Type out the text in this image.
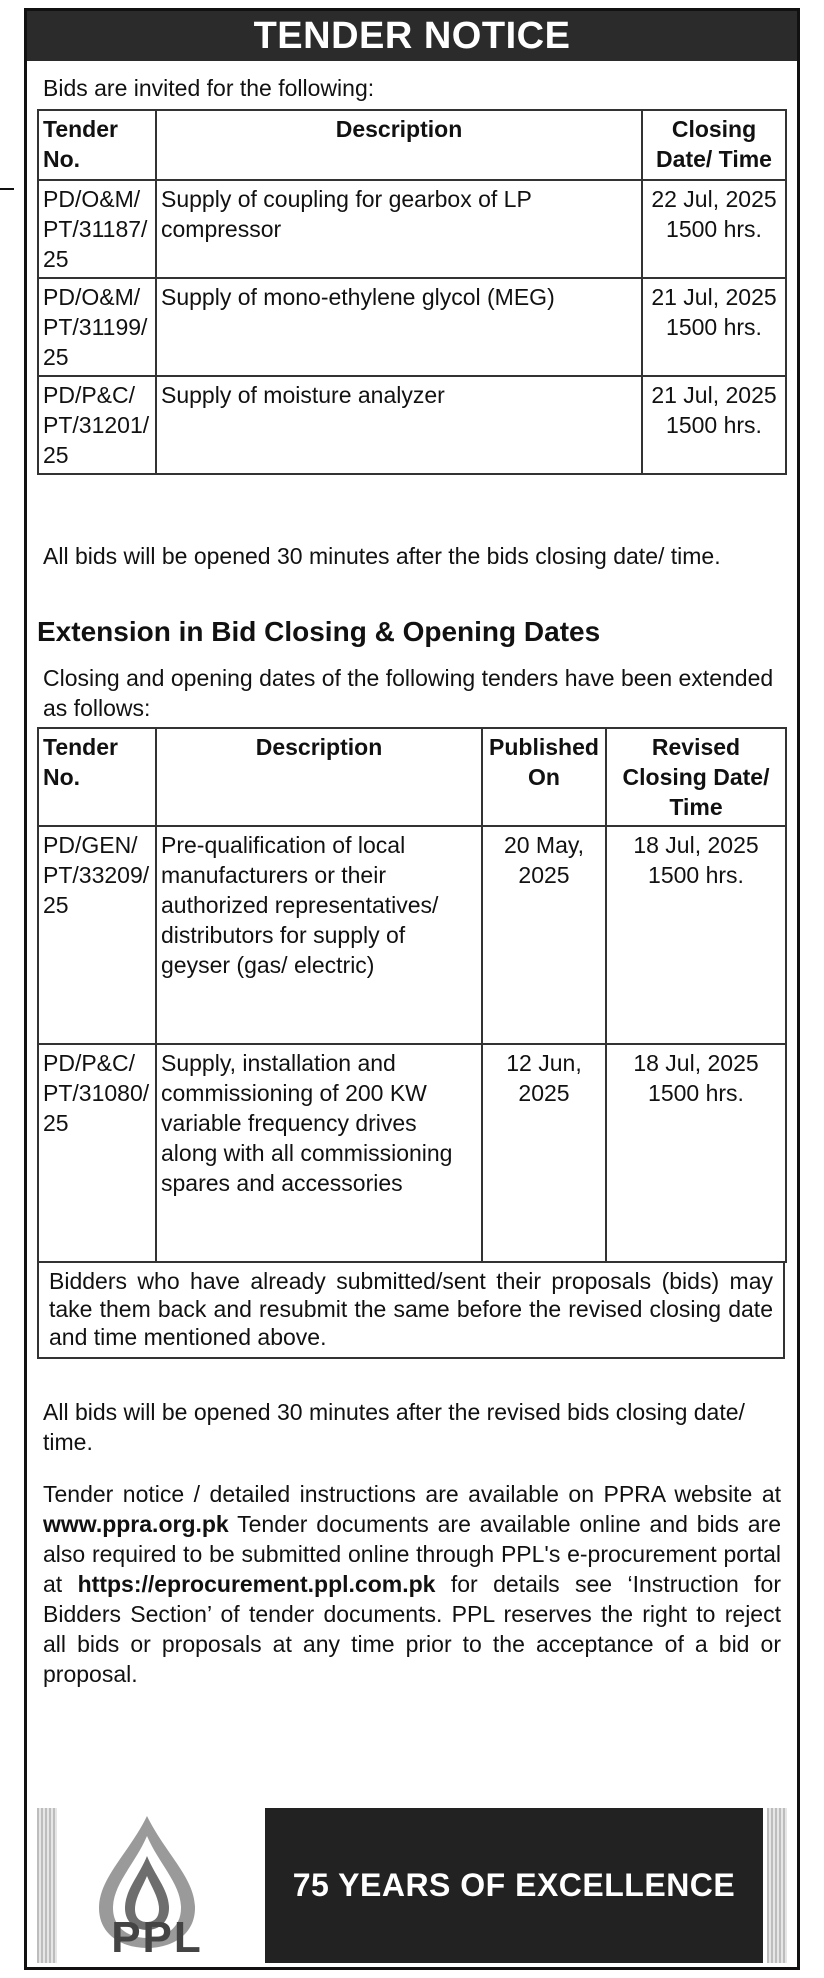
TENDER NOTICE
Bids are invited for the following:
Tender No.	Description	Closing Date/ Time
PD/O&M/ PT/31187/ 25	Supply of coupling for gearbox of LP compressor	22 Jul, 2025 1500 hrs.
PD/O&M/ PT/31199/ 25	Supply of mono-ethylene glycol (MEG)	21 Jul, 2025 1500 hrs.
PD/P&C/ PT/31201/ 25	Supply of moisture analyzer	21 Jul, 2025 1500 hrs.
All bids will be opened 30 minutes after the bids closing date/ time.
Extension in Bid Closing & Opening Dates
Closing and opening dates of the following tenders have been extended as follows:
Tender No.	Description	Published On	Revised Closing Date/ Time
PD/GEN/ PT/33209/ 25	Pre-qualification of local manufacturers or their authorized representatives/ distributors for supply of geyser (gas/ electric)	20 May, 2025	18 Jul, 2025 1500 hrs.
PD/P&C/ PT/31080/ 25	Supply, installation and commissioning of 200 KW variable frequency drives along with all commissioning spares and accessories	12 Jun, 2025	18 Jul, 2025 1500 hrs.
Bidders who have already submitted/sent their proposals (bids) may take them back and resubmit the same before the revised closing date and time mentioned above.
All bids will be opened 30 minutes after the revised bids closing date/ time.
Tender notice / detailed instructions are available on PPRA website at www.ppra.org.pk Tender documents are available online and bids are also required to be submitted online through PPL's e-procurement portal at https://eprocurement.ppl.com.pk for details see ‘Instruction for Bidders Section’ of tender documents. PPL reserves the right to reject all bids or proposals at any time prior to the acceptance of a bid or proposal.
PPL
75 YEARS OF EXCELLENCE
